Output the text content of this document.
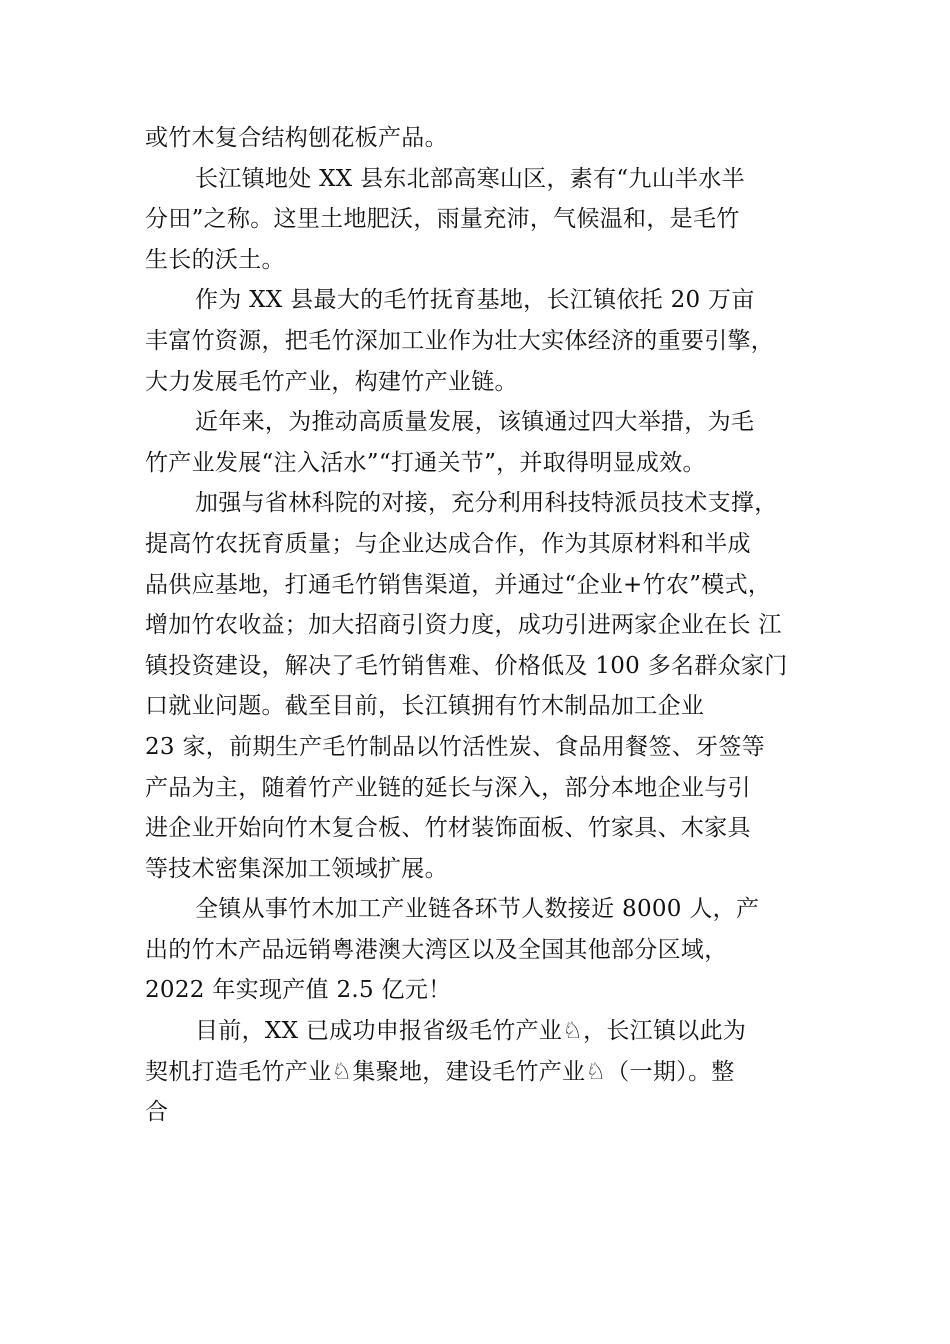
或竹木复合结构刨花板产品。
长江镇地处 XX 县东北部高寒山区，素有“九山半水半
分田”之称。这里土地肥沃，雨量充沛，气候温和，是毛竹
生长的沃土。
作为 XX 县最大的毛竹抚育基地，长江镇依托 20 万亩
丰富竹资源，把毛竹深加工业作为壮大实体经济的重要引擎，
大力发展毛竹产业，构建竹产业链。
近年来，为推动高质量发展，该镇通过四大举措，为毛
竹产业发展“注入活水”“打通关节”，并取得明显成效。
加强与省林科院的对接，充分利用科技特派员技术支撑，
提高竹农抚育质量；与企业达成合作，作为其原材料和半成
品供应基地，打通毛竹销售渠道，并通过“企业+竹农”模式，
增加竹农收益；加大招商引资力度，成功引进两家企业在长 江
镇投资建设，解决了毛竹销售难、价格低及 100 多名群众家门
口就业问题。截至目前，长江镇拥有竹木制品加工企业
23 家，前期生产毛竹制品以竹活性炭、食品用餐签、牙签等
产品为主，随着竹产业链的延长与深入，部分本地企业与引
进企业开始向竹木复合板、竹材装饰面板、竹家具、木家具
等技术密集深加工领域扩展。
全镇从事竹木加工产业链各环节人数接近 8000 人，产
出的竹木产品远销粤港澳大湾区以及全国其他部分区域，
2022 年实现产值 2.5 亿元！
目前，XX 已成功申报省级毛竹产业♘，长江镇以此为
契机打造毛竹产业♘集聚地，建设毛竹产业♘（一期）。整
合
